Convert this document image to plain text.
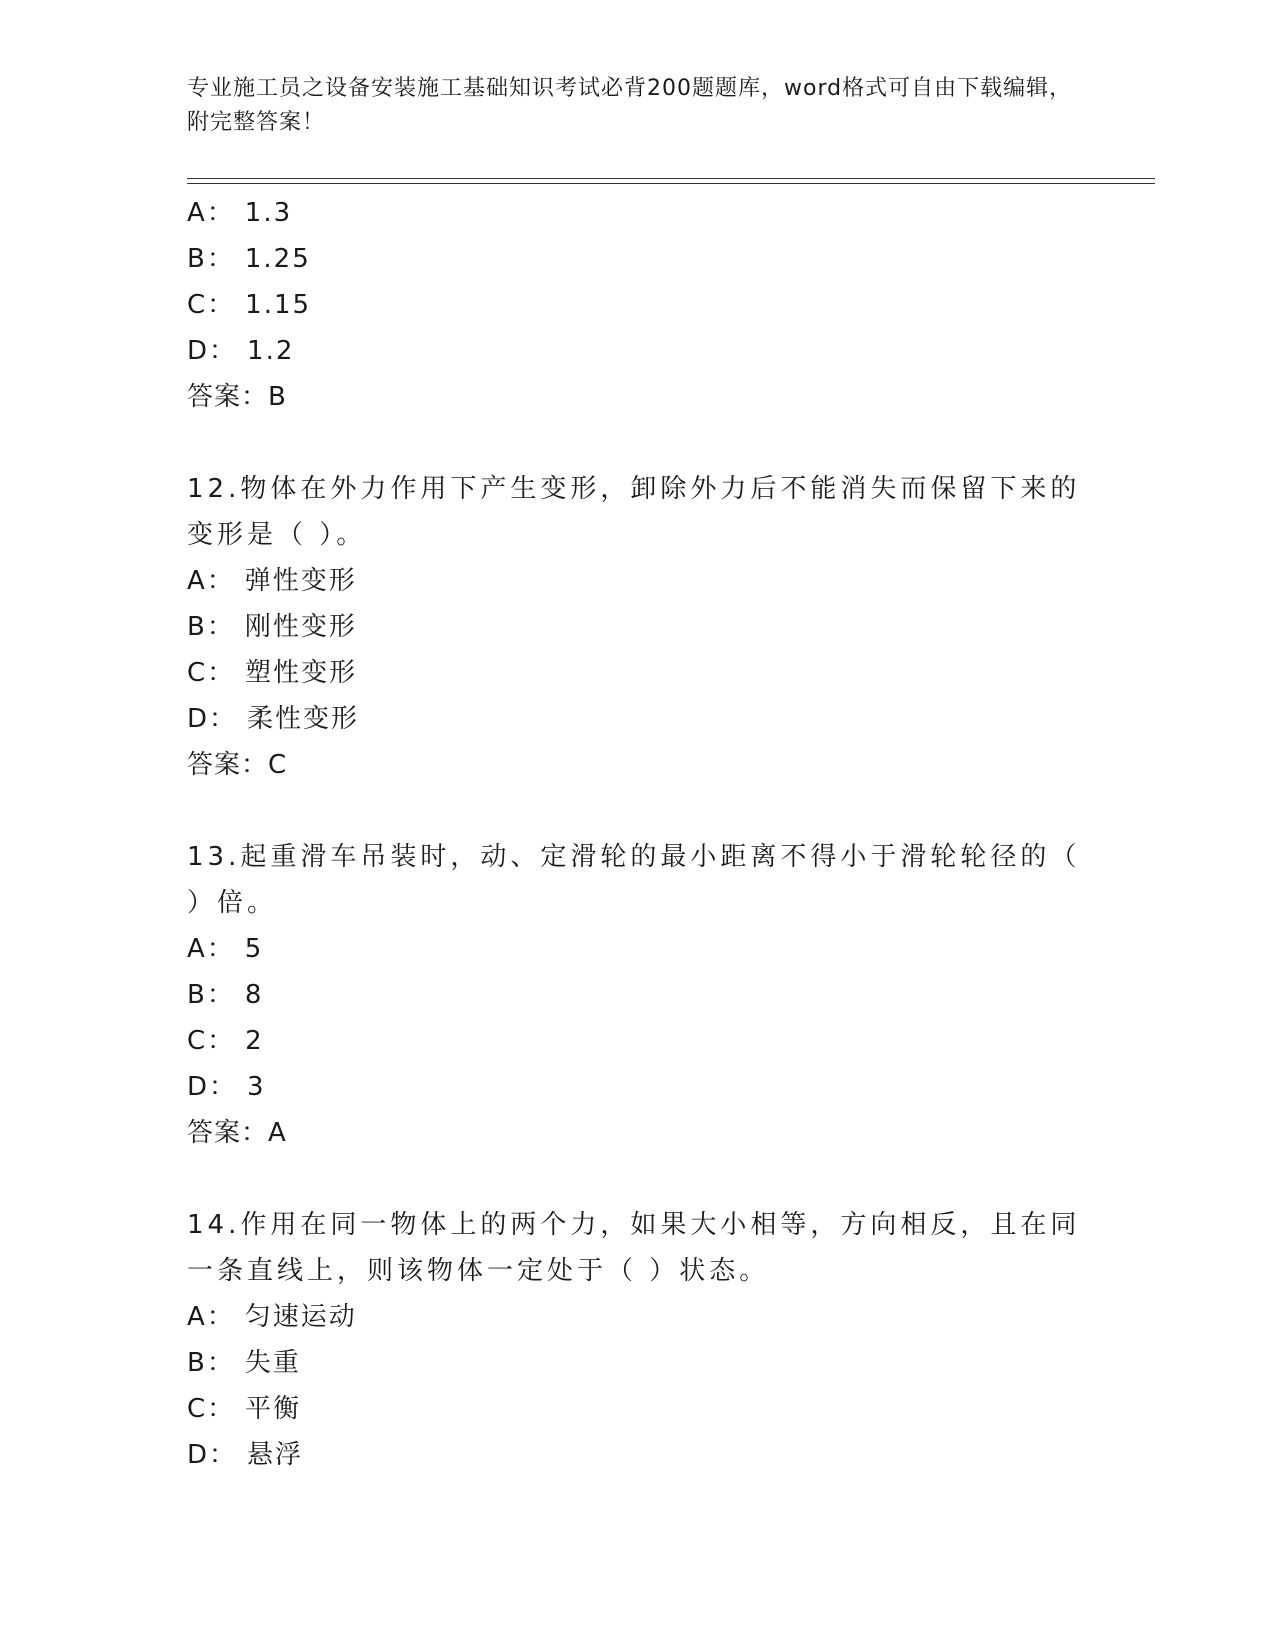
专业施工员之设备安装施工基础知识考试必背200题题库，word格式可自由下载编辑，附完整答案！
A： 1.3
B： 1.25
C： 1.15
D： 1.2
答案：B
12.物体在外力作用下产生变形，卸除外力后不能消失而保留下来的变形是（ ）。
A： 弹性变形
B： 刚性变形
C： 塑性变形
D： 柔性变形
答案：C
13.起重滑车吊装时，动、定滑轮的最小距离不得小于滑轮轮径的（ ）倍。
A： 5
B： 8
C： 2
D： 3
答案：A
14.作用在同一物体上的两个力，如果大小相等，方向相反，且在同一条直线上，则该物体一定处于（ ）状态。
A： 匀速运动
B： 失重
C： 平衡
D： 悬浮
